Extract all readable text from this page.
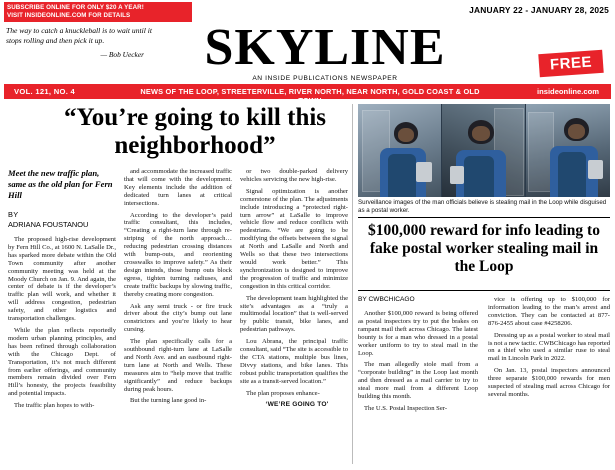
SUBSCRIBE ONLINE FOR ONLY $20 A YEAR!
VISIT INSIDEONLINE.COM FOR DETAILS
JANUARY 22 - JANUARY 28, 2025
The way to catch a knuckleball is to wait until it stops rolling and then pick it up.
— Bob Uecker	SKYLINE
AN INSIDE PUBLICATIONS NEWSPAPER
FREE
VOL. 121, NO. 4	NEWS OF THE LOOP, STREETERVILLE, RIVER NORTH, NEAR NORTH, GOLD COAST & OLD TOWN
insideonline.com
“You’re going to kill this neighborhood”
Meet the new traffic plan, same as the old plan for Fern Hill
BY
ADRIANA FOUSTANOU

The proposed high-rise development by Fern Hill Co., at 1600 N. LaSalle Dr., has sparked more debate within the Old Town community after another community meeting was held at the Moody Church on Jan. 9. And again, the center of debate is if the developer’s traffic plan will work, and whether it will address congestion, pedestrian safety, and other logistics and transportation challenges.

While the plan reflects reportedly modern urban planning principles, and has been refined through collaboration with the Chicago Dept. of Transportation, it’s not much different from earlier offerings, and community members remain divided over Fern Hill’s honesty, the projects feasibility and potential impacts.

The traffic plan hopes to with-

and accommodate the increased traffic that will come with the development. Key elements include the addition of dedicated turn lanes at critical intersections.

According to the developer’s paid traffic consultant, this includes, “Creating a right-turn lane through re-striping of the north approach… reducing pedestrian crossing distances with bump-outs, and reorienting crosswalks to improve safety.” As their design intends, those bump outs block egress, tighten turning radiuses, and create traffic backups by slowing traffic, thereby creating more congestion.

Ask any semi truck - or fire truck driver about the city’s bump out lane constrictors and you’re likely to hear cursing.

The plan specifically calls for a southbound right-turn lane at LaSalle and North Ave. and an eastbound right-turn lane at North and Wells. These measures aim to “help move that traffic significantly” and reduce backups during peak hours.

But the turning lane good in-

or two double-parked delivery vehicles servicing the new high-rise.

Signal optimization is another cornerstone of the plan. The adjustments include introducing a “protected right-turn arrow” at LaSalle to improve vehicle flow and reduce conflicts with pedestrians. “We are going to be modifying the offsets between the signal at North and LaSalle and North and Wells so that these two intersections would work better.” This synchronization is designed to improve the progression of traffic and minimize congestion in this critical corridor.

The development team highlighted the site’s advantages as a “truly a multimodal location” that is well-served by public transit, bike lanes, and pedestrian pathways.

Lou Abrana, the principal traffic consultant, said “The site is accessible to the CTA stations, multiple bus lines, Divvy stations, and bike lanes. This robust public transportation qualifies the site as a transit-served location.”

The plan proposes enhance-

‘WE’RE GOING TO'

Surveillance images of the man officials believe is stealing mail in the Loop while disguised as a postal worker.
$100,000 reward for info leading to fake postal worker stealing mail in the Loop
BY CWBCHICAGO

Another $100,000 reward is being offered as postal inspectors try to put the brakes on rampant mail theft across Chicago. The latest bounty is for a man who dressed in a postal worker uniform to try to steal mail in the Loop.

The man allegedly stole mail from a “corporate building” in the Loop last month and then dressed as a mail carrier to try to steal more mail from a different Loop building this month.

The U.S. Postal Inspection Ser-

vice is offering up to $100,000 for information leading to the man’s arrest and conviction. They can be contacted at 877-876-2455 about case #4258206.

Dressing up as a postal worker to steal mail is not a new tactic. CWBChicago has reported on a thief who used a similar ruse to steal mail in Lincoln Park in 2022.

On Jan. 13, postal inspectors announced three separate $100,000 rewards for men suspected of stealing mail across Chicago for several months.
